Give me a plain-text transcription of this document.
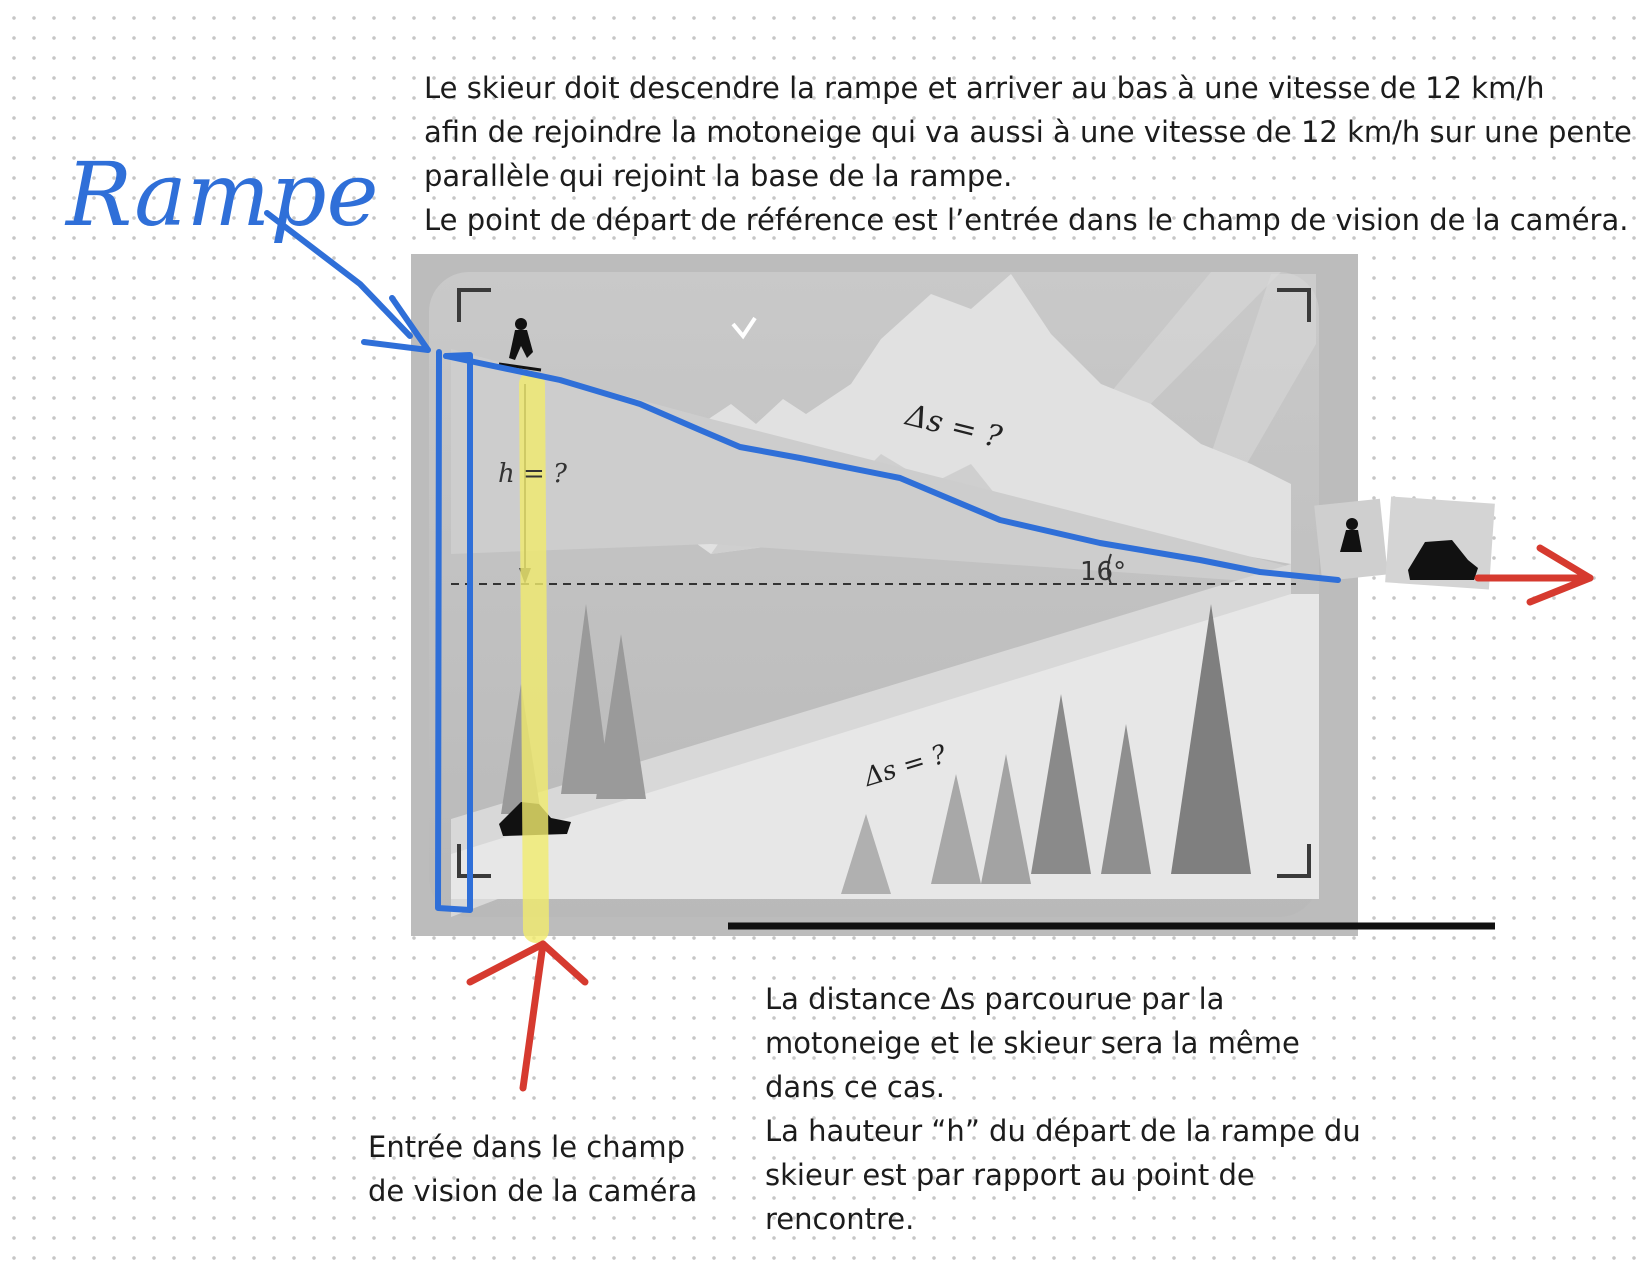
Le skieur doit descendre la rampe et arriver au bas à une vitesse de 12 km/h
afin de rejoindre la motoneige qui va aussi à une vitesse de 12 km/h sur une pente
parallèle qui rejoint la base de la rampe.
Le point de départ de référence est l’entrée dans le champ de vision de la caméra.
Rampe
h = ?
16°
Δs = ?
Δs = ?
La distance Δs parcourue par la
motoneige et le skieur sera la même
dans ce cas.
La hauteur “h” du départ de la rampe du
skieur est par rapport au point de
rencontre.
Entrée dans le champ
de vision de la caméra
